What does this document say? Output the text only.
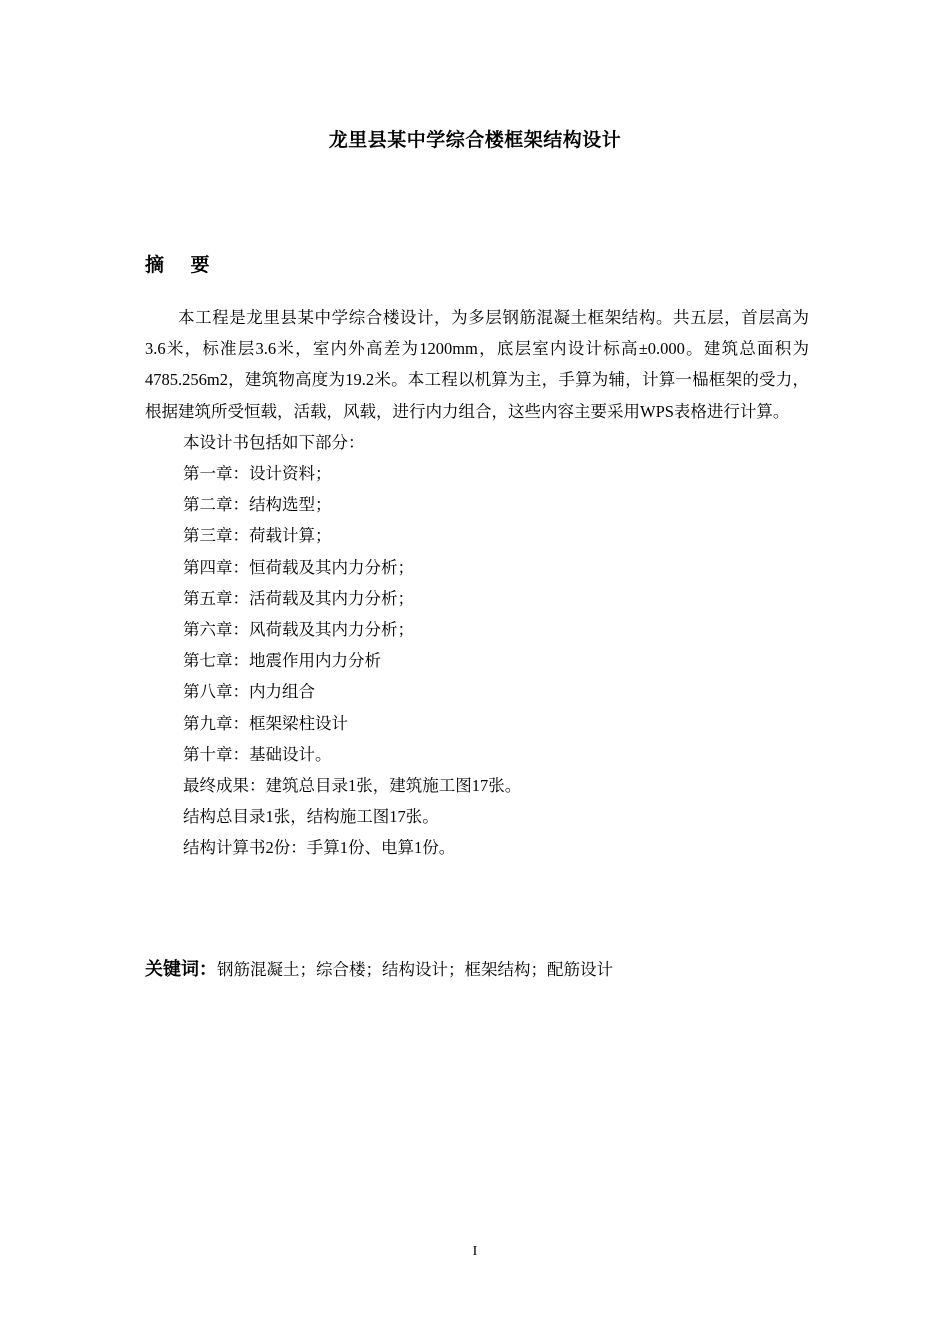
龙里县某中学综合楼框架结构设计
摘    要

本工程是龙里县某中学综合楼设计，为多层钢筋混凝土框架结构。共五层，首层高为3.6米，标准层3.6米，室内外高差为1200mm，底层室内设计标高±0.000。建筑总面积为4785.256m2，建筑物高度为19.2米。本工程以机算为主，手算为辅，计算一榀框架的受力，根据建筑所受恒载，活载，风载，进行内力组合，这些内容主要采用WPS表格进行计算。

本设计书包括如下部分：
第一章：设计资料；
第二章：结构选型；
第三章：荷载计算；
第四章：恒荷载及其内力分析；
第五章：活荷载及其内力分析；
第六章：风荷载及其内力分析；
第七章：地震作用内力分析
第八章：内力组合
第九章：框架梁柱设计
第十章：基础设计。
最终成果：建筑总目录1张，建筑施工图17张。
结构总目录1张，结构施工图17张。
结构计算书2份：手算1份、电算1份。
关键词：钢筋混凝土；综合楼；结构设计；框架结构；配筋设计
I
